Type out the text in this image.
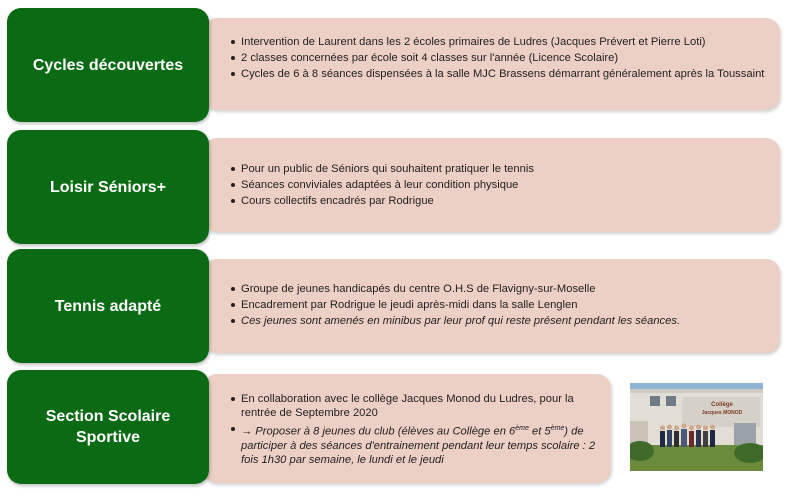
Cycles découvertes
Intervention de Laurent dans les 2 écoles primaires de Ludres (Jacques Prévert et Pierre Loti)
2 classes concernées par école soit 4 classes sur l'année (Licence Scolaire)
Cycles de 6 à 8 séances dispensées à la salle MJC Brassens démarrant généralement après la Toussaint
Loisir Séniors+
Pour un public de Séniors qui souhaitent pratiquer le tennis
Séances conviviales adaptées à leur condition physique
Cours collectifs encadrés par Rodrigue
Tennis adapté
Groupe de jeunes handicapés du centre O.H.S de Flavigny-sur-Moselle
Encadrement par Rodrigue le jeudi après-midi dans la salle Lenglen
Ces jeunes sont amenés en minibus par leur prof qui reste présent pendant les séances.
Section Scolaire
Sportive
En collaboration avec le collège Jacques Monod du Ludres, pour la rentrée de Septembre 2020
→ Proposer à 8 jeunes du club (élèves au Collège en 6ème et 5ème) de participer à des séances d'entrainement pendant leur temps scolaire : 2 fois 1h30 par semaine, le lundi et le jeudi
Collège
Jacques MONOD
